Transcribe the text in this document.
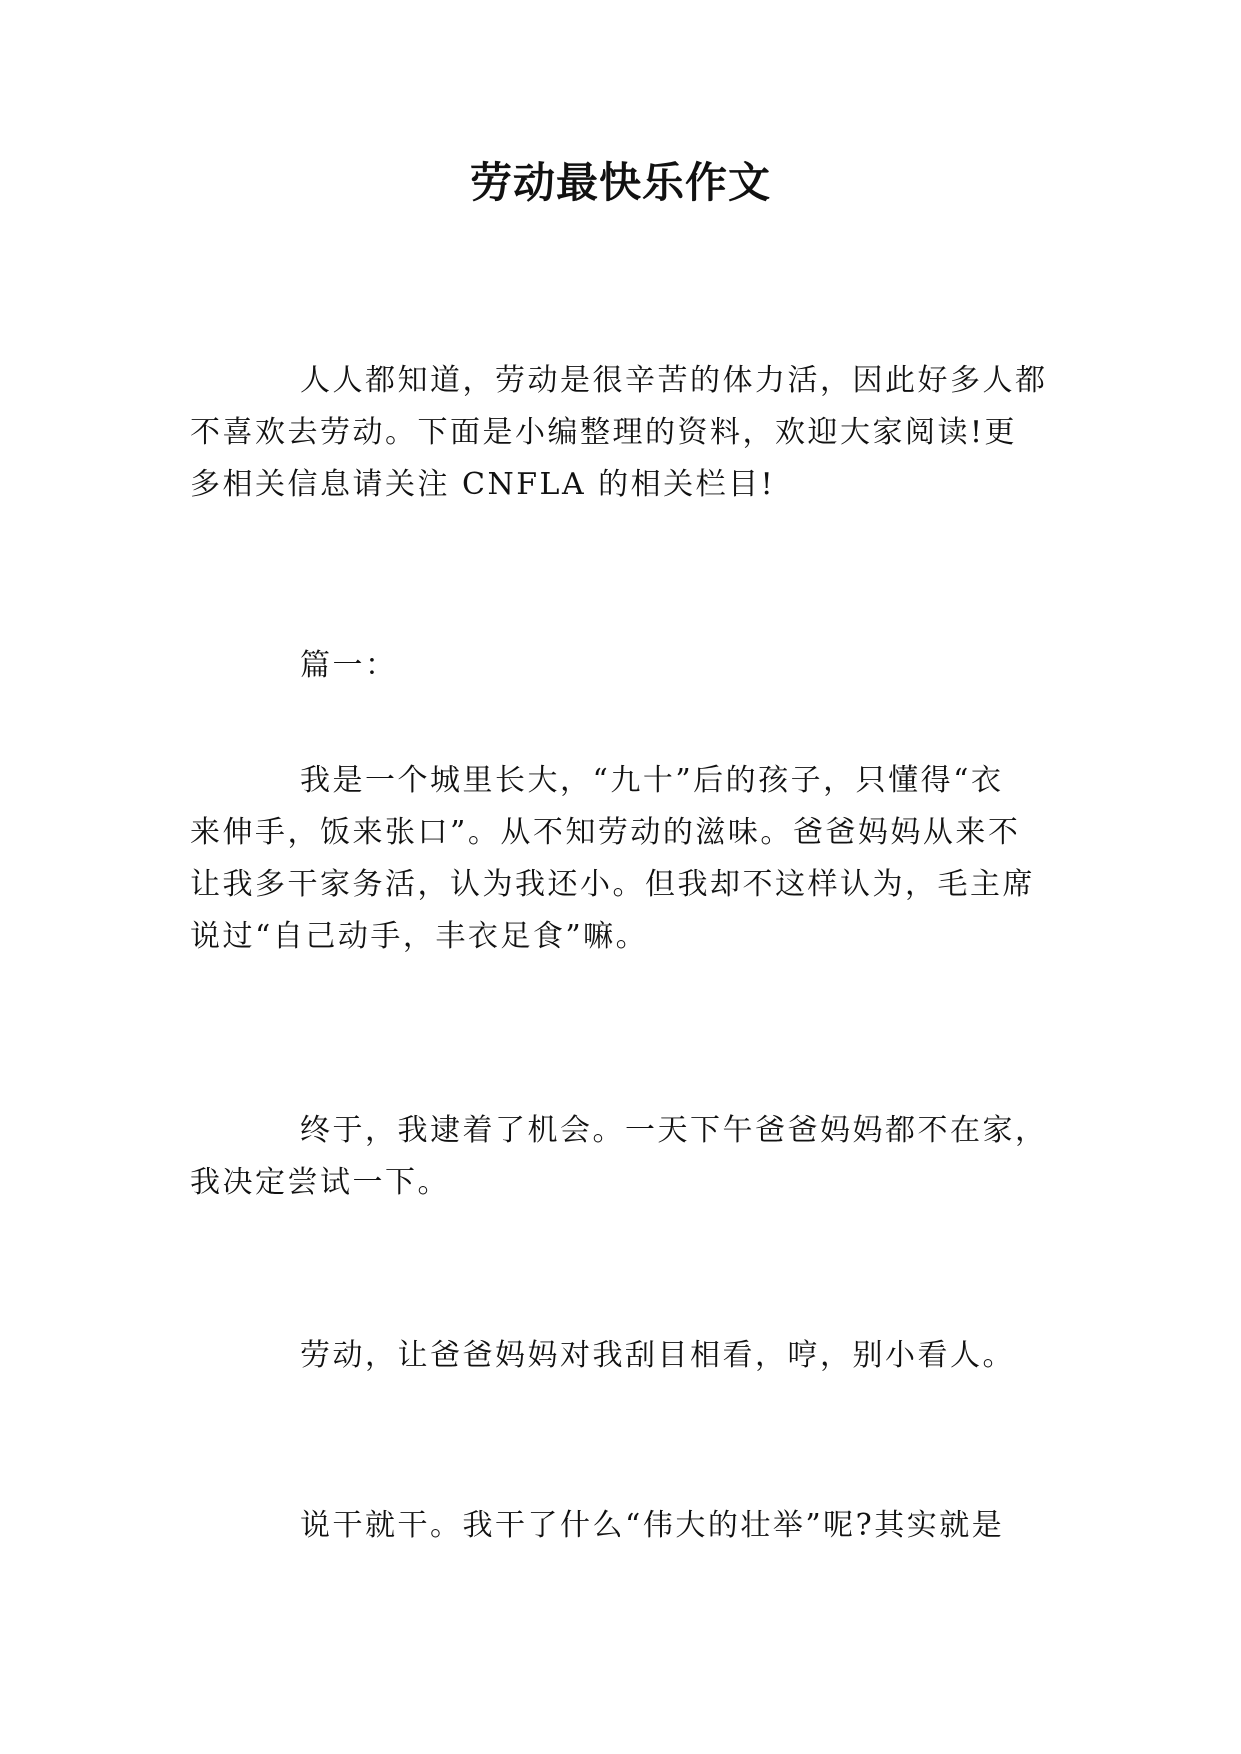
劳动最快乐作文

人人都知道，劳动是很辛苦的体力活，因此好多人都
不喜欢去劳动。下面是小编整理的资料，欢迎大家阅读!更
多相关信息请关注 CNFLA 的相关栏目!

篇一：

我是一个城里长大，“九十”后的孩子，只懂得“衣
来伸手，饭来张口”。从不知劳动的滋味。爸爸妈妈从来不
让我多干家务活，认为我还小。但我却不这样认为，毛主席
说过“自己动手，丰衣足食”嘛。

终于，我逮着了机会。一天下午爸爸妈妈都不在家，
我决定尝试一下。

劳动，让爸爸妈妈对我刮目相看，哼，别小看人。

说干就干。我干了什么“伟大的壮举”呢?其实就是
